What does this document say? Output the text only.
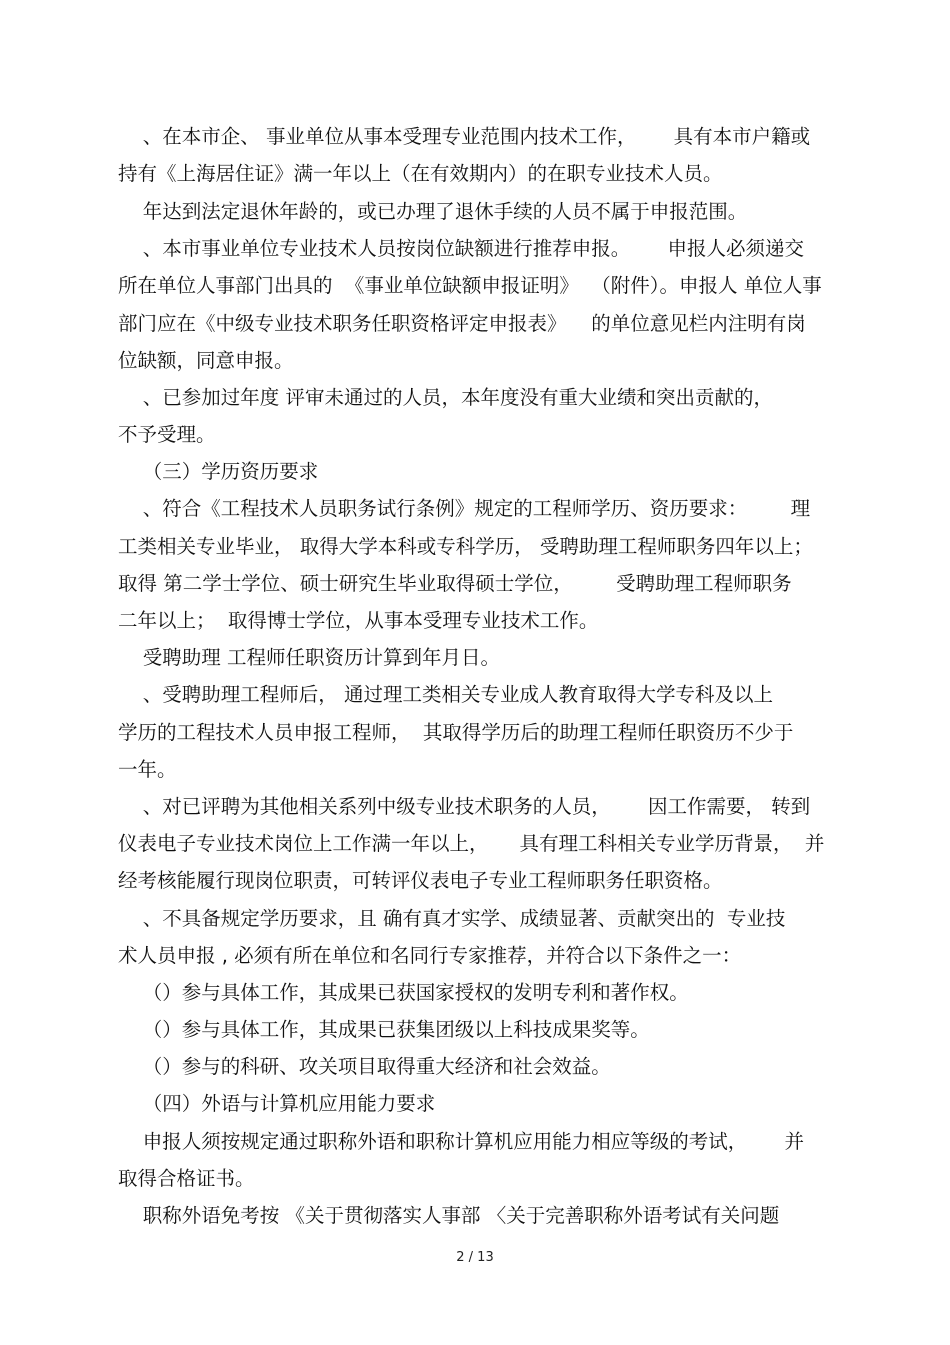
、在本市企、 事业单位从事本受理专业范围内技术工作，      具有本市户籍或
持有《上海居住证》满一年以上（在有效期内）的在职专业技术人员。
年达到法定退休年龄的，或已办理了退休手续的人员不属于申报范围。
、本市事业单位专业技术人员按岗位缺额进行推荐申报。      申报人必须递交
所在单位人事部门出具的  《事业单位缺额申报证明》  （附件）。申报人 单位人事
部门应在《中级专业技术职务任职资格评定申报表》    的单位意见栏内注明有岗
位缺额，同意申报。
、已参加过年度 评审未通过的人员，本年度没有重大业绩和突出贡献的，
不予受理。
（三）学历资历要求
、符合《工程技术人员职务试行条例》规定的工程师学历、资历要求：       理
工类相关专业毕业， 取得大学本科或专科学历， 受聘助理工程师职务四年以上；
取得 第二学士学位、硕士研究生毕业取得硕士学位，       受聘助理工程师职务
二年以上；  取得博士学位，从事本受理专业技术工作。
受聘助理 工程师任职资历计算到年月日。
、受聘助理工程师后， 通过理工类相关专业成人教育取得大学专科及以上
学历的工程技术人员申报工程师，  其取得学历后的助理工程师任职资历不少于
一年。
、对已评聘为其他相关系列中级专业技术职务的人员，      因工作需要， 转到
仪表电子专业技术岗位上工作满一年以上，     具有理工科相关专业学历背景，  并
经考核能履行现岗位职责，可转评仪表电子专业工程师职务任职资格。
、不具备规定学历要求，且 确有真才实学、成绩显著、贡献突出的  专业技
术人员申报 , 必须有所在单位和名同行专家推荐，并符合以下条件之一：
（）参与具体工作，其成果已获国家授权的发明专利和著作权。
（）参与具体工作，其成果已获集团级以上科技成果奖等。
（）参与的科研、攻关项目取得重大经济和社会效益。
（四）外语与计算机应用能力要求
申报人须按规定通过职称外语和职称计算机应用能力相应等级的考试，      并
取得合格证书。
职称外语免考按 《关于贯彻落实人事部 〈关于完善职称外语考试有关问题
2 / 13
